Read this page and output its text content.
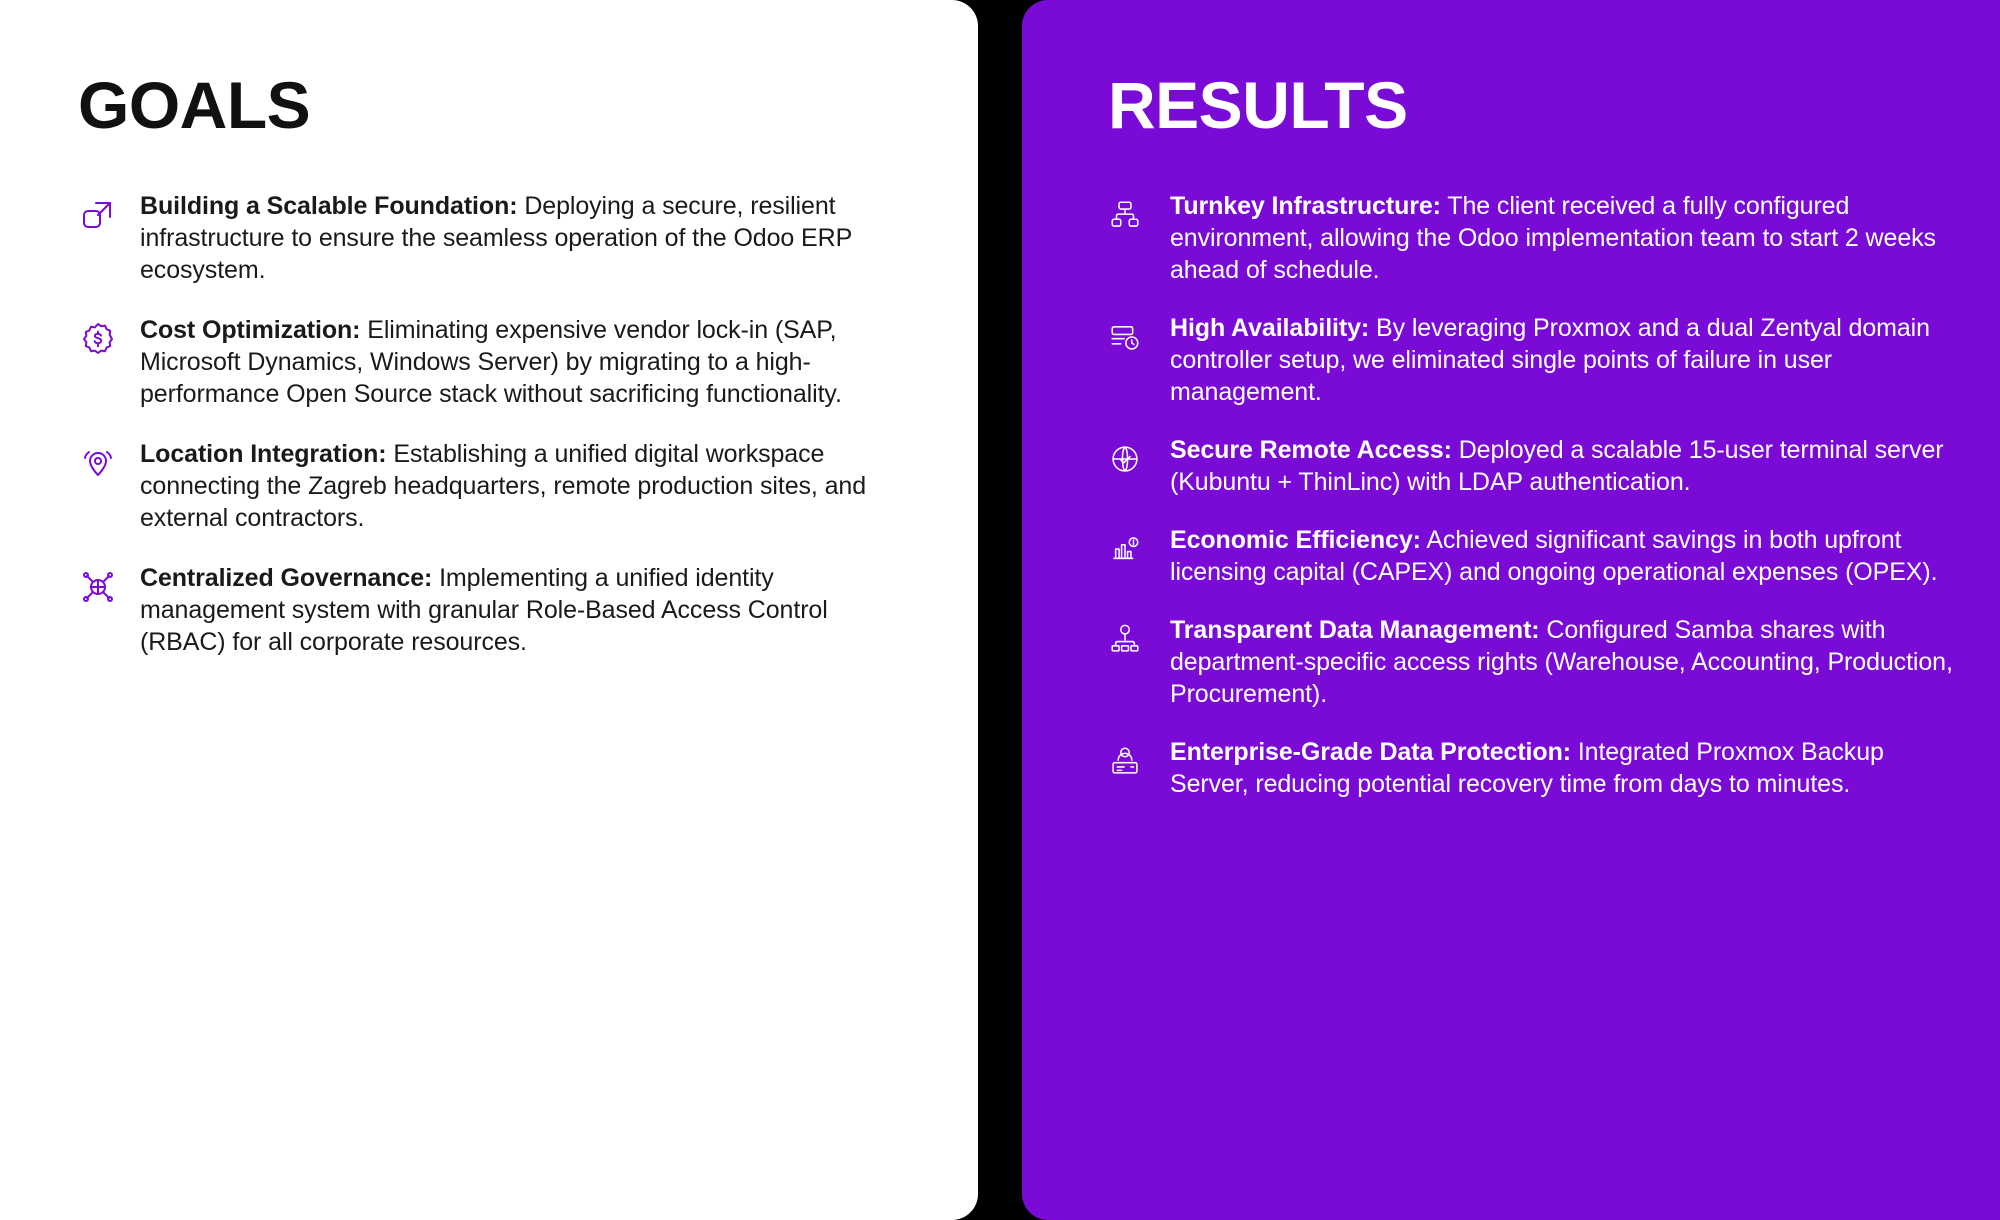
GOALS
Building a Scalable Foundation: Deploying a secure, resilient infrastructure to ensure the seamless operation of the Odoo ERP ecosystem.
Cost Optimization: Eliminating expensive vendor lock-in (SAP, Microsoft Dynamics, Windows Server) by migrating to a high-performance Open Source stack without sacrificing functionality.
Location Integration: Establishing a unified digital workspace connecting the Zagreb headquarters, remote production sites, and external contractors.
Centralized Governance: Implementing a unified identity management system with granular Role-Based Access Control (RBAC) for all corporate resources.
RESULTS
Turnkey Infrastructure: The client received a fully configured environment, allowing the Odoo implementation team to start 2 weeks ahead of schedule.
High Availability: By leveraging Proxmox and a dual Zentyal domain controller setup, we eliminated single points of failure in user management.
Secure Remote Access: Deployed a scalable 15-user terminal server (Kubuntu + ThinLinc) with LDAP authentication.
Economic Efficiency: Achieved significant savings in both upfront licensing capital (CAPEX) and ongoing operational expenses (OPEX).
Transparent Data Management: Configured Samba shares with department-specific access rights (Warehouse, Accounting, Production, Procurement).
Enterprise-Grade Data Protection: Integrated Proxmox Backup Server, reducing potential recovery time from days to minutes.
